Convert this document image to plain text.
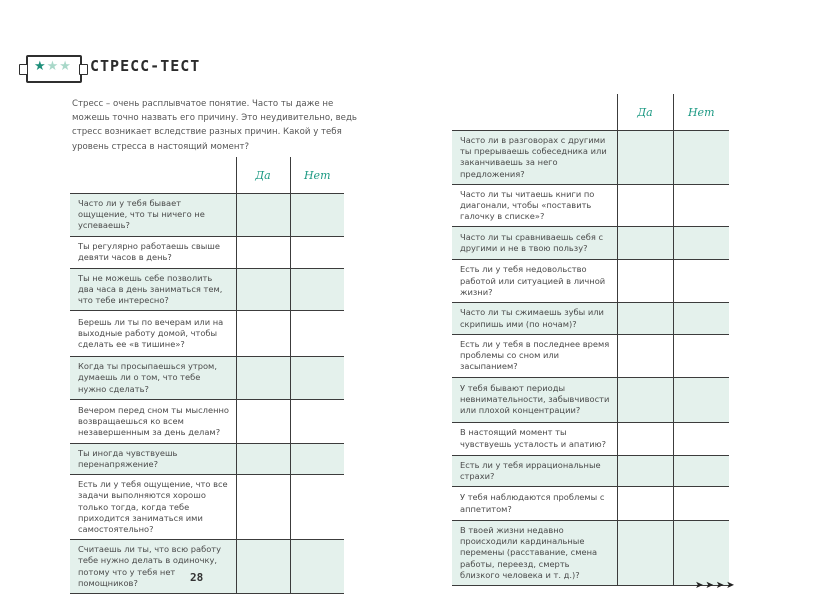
★★★ СТРЕСС-ТЕСТ
Стресс – очень расплывчатое понятие. Часто ты даже не можешь точно назвать его причину. Это неудивительно, ведь стресс возникает вследствие разных причин. Какой у тебя уровень стресса в настоящий момент?
	Да	Нет
Часто ли у тебя бывает ощущение, что ты ничего не успеваешь?		
Ты регулярно работаешь свыше девяти часов в день?		
Ты не можешь себе позволить два часа в день заниматься тем, что тебе интересно?		
Берешь ли ты по вечерам или на выходные работу домой, чтобы сделать ее «в тишине»?		
Когда ты просыпаешься утром, думаешь ли о том, что тебе нужно сделать?		
Вечером перед сном ты мысленно возвращаешься ко всем незавершенным за день делам?		
Ты иногда чувствуешь перенапряжение?		
Есть ли у тебя ощущение, что все задачи выполняются хорошо только тогда, когда тебе приходится заниматься ими самостоятельно?		
Считаешь ли ты, что всю работу тебе нужно делать в одиночку, потому что у тебя нет помощников?		
	Да	Нет
Часто ли в разговорах с другими ты прерываешь собеседника или заканчиваешь за него предложения?		
Часто ли ты читаешь книги по диагонали, чтобы «поставить галочку в списке»?		
Часто ли ты сравниваешь себя с другими и не в твою пользу?		
Есть ли у тебя недовольство работой или ситуацией в личной жизни?		
Часто ли ты сжимаешь зубы или скрипишь ими (по ночам)?		
Есть ли у тебя в последнее время проблемы со сном или засыпанием?		
У тебя бывают периоды невнимательности, забывчивости или плохой концентрации?		
В настоящий момент ты чувствуешь усталость и апатию?		
Есть ли у тебя иррациональные страхи?		
У тебя наблюдаются проблемы с аппетитом?		
В твоей жизни недавно происходили кардинальные перемены (расставание, смена работы, переезд, смерть близкого человека и т. д.)?		
28
➤➤➤➤
